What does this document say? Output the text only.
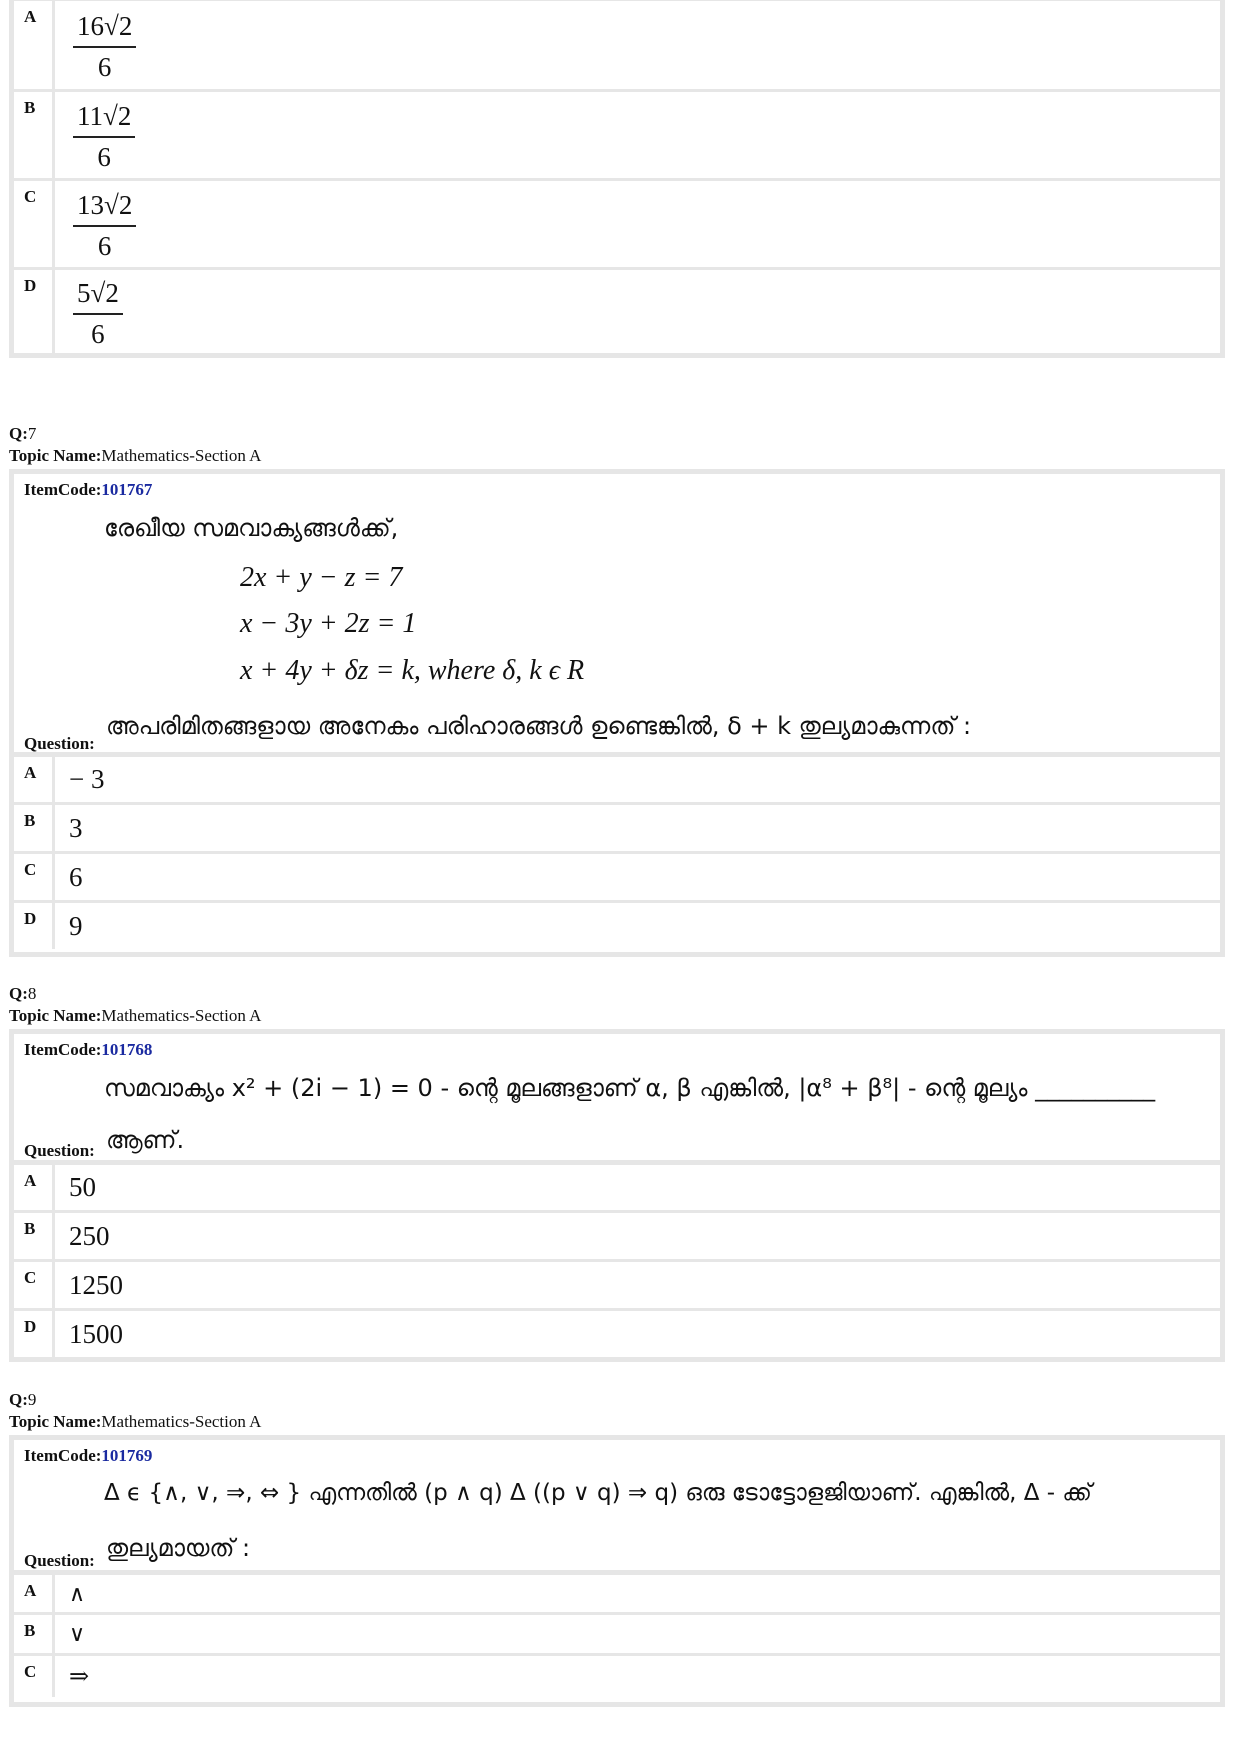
A	$\frac{16√2}{6}$
B	$\frac{11√2}{6}$
C	$\frac{13√2}{6}$
D	$\frac{5√2}{6}$
Q:7
Topic Name:Mathematics-Section A
ItemCode:101767
രേഖീയ സമവാക്യങ്ങൾക്ക്,
2x + y − z = 7
x − 3y + 2z = 1
x + 4y + δz = k, where δ, k ϵ R
Question:
അപരിമിതങ്ങളായ അനേകം പരിഹാരങ്ങൾ ഉണ്ടെങ്കിൽ, δ + k തുല്യമാകുന്നത് :
A	− 3
B	3
C	6
D	9
Q:8
Topic Name:Mathematics-Section A
ItemCode:101768
സമവാക്യം x² + (2i − 1) = 0 - ന്റെ മൂലങ്ങളാണ് α, β എങ്കിൽ, |α⁸ + β⁸| - ന്റെ മൂല്യം __________
Question: ആണ്.
A	50
B	250
C	1250
D	1500
Q:9
Topic Name:Mathematics-Section A
ItemCode:101769
Δ ϵ {∧, ∨, ⇒, ⇔ } എന്നതിൽ (p ∧ q) Δ ((p ∨ q) ⇒ q) ഒരു ടോട്ടോളജിയാണ്. എങ്കിൽ, Δ - ക്ക്
Question: തുല്യമായത് :
A	∧
B	∨
C	⇒
